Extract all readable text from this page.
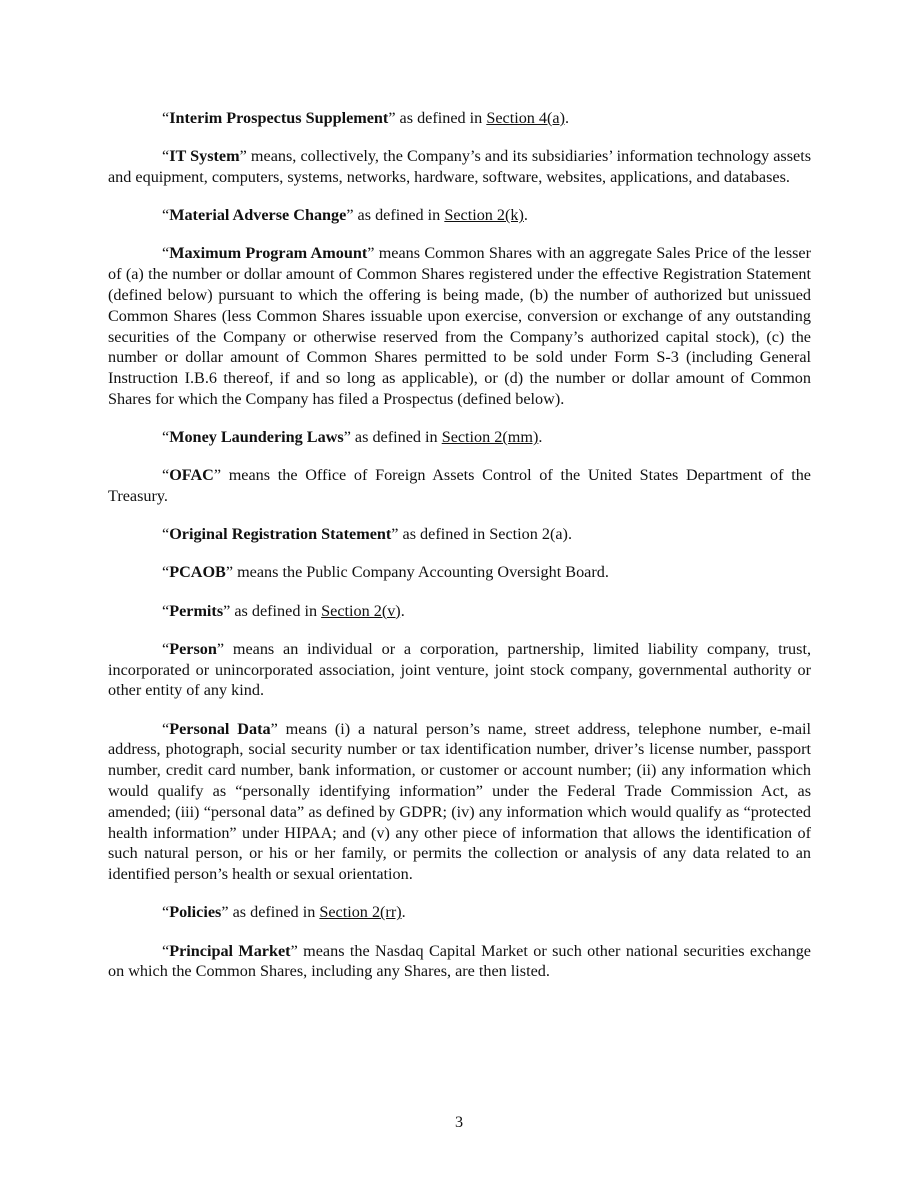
“Interim Prospectus Supplement” as defined in Section 4(a).

“IT System” means, collectively, the Company’s and its subsidiaries’ information technology assets and equipment, computers, systems, networks, hardware, software, websites, applications, and databases.

“Material Adverse Change” as defined in Section 2(k).

“Maximum Program Amount” means Common Shares with an aggregate Sales Price of the lesser of (a) the number or dollar amount of Common Shares registered under the effective Registration Statement (defined below) pursuant to which the offering is being made, (b) the number of authorized but unissued Common Shares (less Common Shares issuable upon exercise, conversion or exchange of any outstanding securities of the Company or otherwise reserved from the Company’s authorized capital stock), (c) the number or dollar amount of Common Shares permitted to be sold under Form S-3 (including General Instruction I.B.6 thereof, if and so long as applicable), or (d) the number or dollar amount of Common Shares for which the Company has filed a Prospectus (defined below).

“Money Laundering Laws” as defined in Section 2(mm).

“OFAC” means the Office of Foreign Assets Control of the United States Department of the Treasury.

“Original Registration Statement” as defined in Section 2(a).

“PCAOB” means the Public Company Accounting Oversight Board.

“Permits” as defined in Section 2(v).

“Person” means an individual or a corporation, partnership, limited liability company, trust, incorporated or unincorporated association, joint venture, joint stock company, governmental authority or other entity of any kind.

“Personal Data” means (i) a natural person’s name, street address, telephone number, e-mail address, photograph, social security number or tax identification number, driver’s license number, passport number, credit card number, bank information, or customer or account number; (ii) any information which would qualify as “personally identifying information” under the Federal Trade Commission Act, as amended; (iii) “personal data” as defined by GDPR; (iv) any information which would qualify as “protected health information” under HIPAA; and (v) any other piece of information that allows the identification of such natural person, or his or her family, or permits the collection or analysis of any data related to an identified person’s health or sexual orientation.

“Policies” as defined in Section 2(rr).

“Principal Market” means the Nasdaq Capital Market or such other national securities exchange on which the Common Shares, including any Shares, are then listed.

3
